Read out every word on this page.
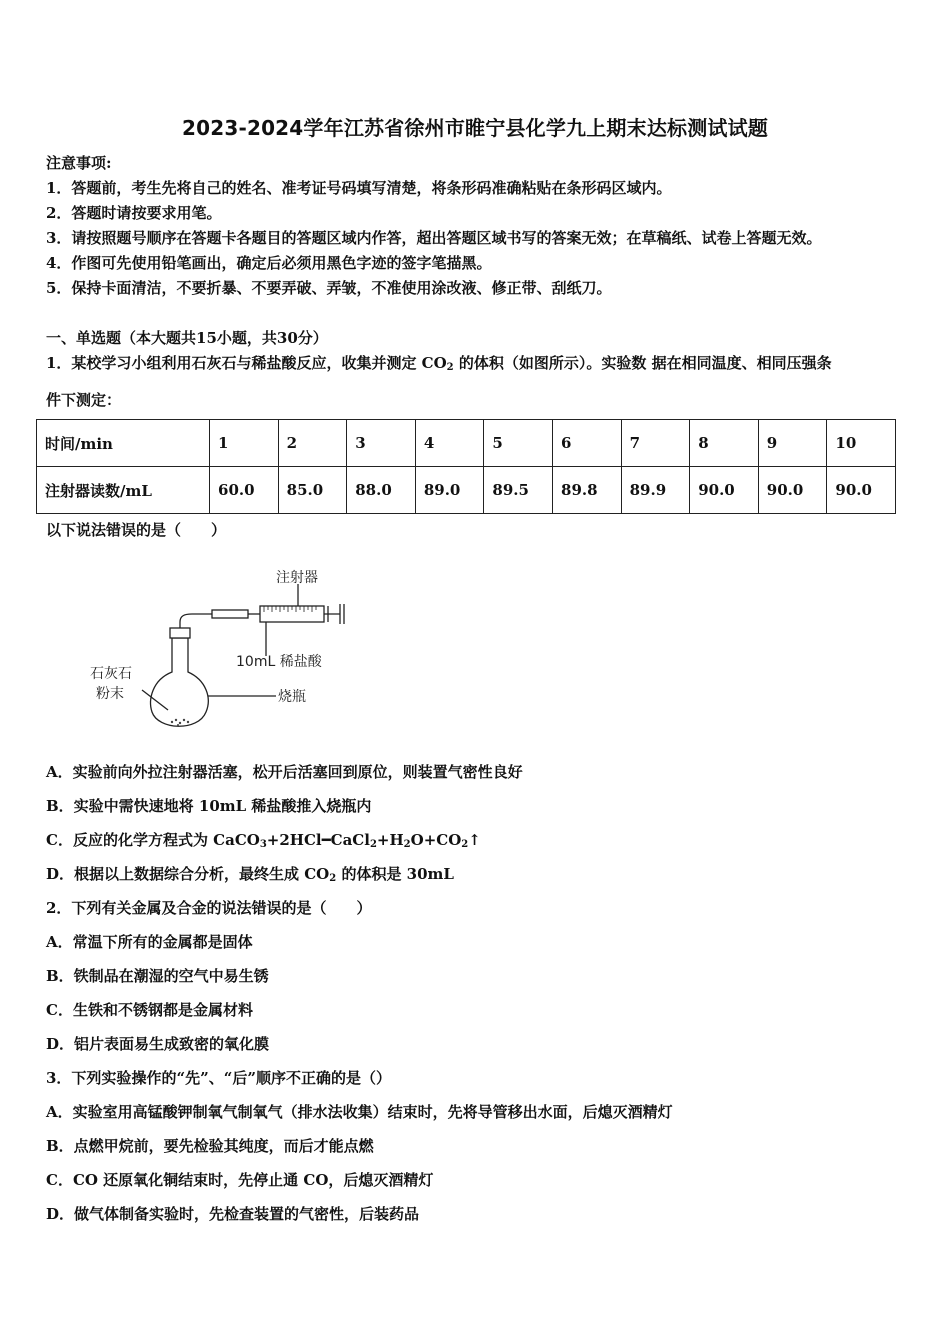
2023-2024学年江苏省徐州市睢宁县化学九上期末达标测试试题
注意事项:
1．答题前，考生先将自己的姓名、准考证号码填写清楚，将条形码准确粘贴在条形码区域内。
2．答题时请按要求用笔。
3．请按照题号顺序在答题卡各题目的答题区域内作答，超出答题区域书写的答案无效；在草稿纸、试卷上答题无效。
4．作图可先使用铅笔画出，确定后必须用黑色字迹的签字笔描黑。
5．保持卡面清洁，不要折暴、不要弄破、弄皱，不准使用涂改液、修正带、刮纸刀。
一、单选题（本大题共15小题，共30分）
1．某校学习小组利用石灰石与稀盐酸反应，收集并测定 $CO_2$ 的体积（如图所示）。实验数 据在相同温度、相同压强条
件下测定：
时间/min	1	2	3	4	5	6	7	8	9	10
注射器读数/mL	60.0	85.0	88.0	89.0	89.5	89.8	89.9	90.0	90.0	90.0
以下说法错误的是（　　）
注射器
10mL 稀盐酸
石灰石
粉末	烧瓶
A．实验前向外拉注射器活塞，松开后活塞回到原位，则装置气密性良好
B．实验中需快速地将 10mL 稀盐酸推入烧瓶内
C．反应的化学方程式为 $CaCO_3+2HCl━CaCl_2+H_2O+CO_2↑$
D．根据以上数据综合分析，最终生成 $CO_2$ 的体积是 30mL
2．下列有关金属及合金的说法错误的是（　　）
A．常温下所有的金属都是固体
B．铁制品在潮湿的空气中易生锈
C．生铁和不锈钢都是金属材料
D．铝片表面易生成致密的氧化膜
3．下列实验操作的“先”、“后”顺序不正确的是（）
A．实验室用高锰酸钾制氧气制氧气（排水法收集）结束时，先将导管移出水面，后熄灭酒精灯
B．点燃甲烷前，要先检验其纯度，而后才能点燃
C．CO 还原氧化铜结束时，先停止通 CO，后熄灭酒精灯
D．做气体制备实验时，先检查装置的气密性，后装药品
